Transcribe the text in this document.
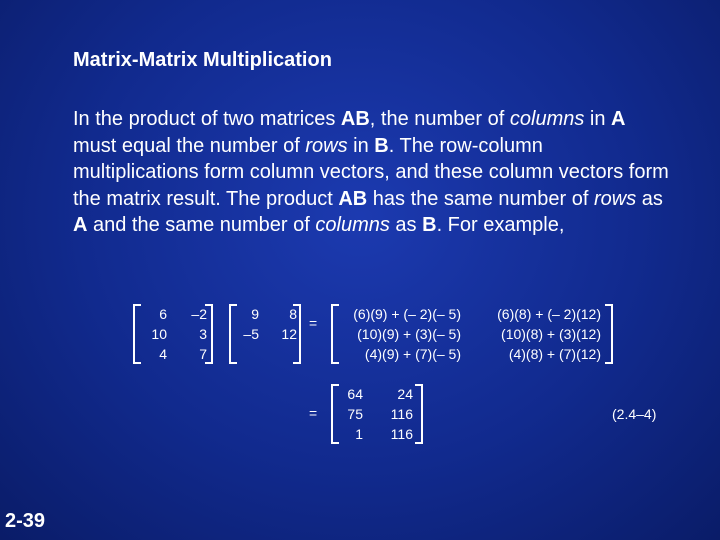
Matrix-Matrix Multiplication

In the product of two matrices AB, the number of columns in A must equal the number of rows in B. The row-column multiplications form column vectors, and these column vectors form the matrix result. The product AB has the same number of rows as A and the same number of columns as B. For example,

6	–2
10	3
4	7
9	8
–5	12
=
(6)(9) + (– 2)(– 5)	(6)(8) + (– 2)(12)
(10)(9) + (3)(– 5)	(10)(8) + (3)(12)
(4)(9) + (7)(– 5)	(4)(8) + (7)(12)
=
64	24
75	116
1	116
(2.4–4)
2-39
